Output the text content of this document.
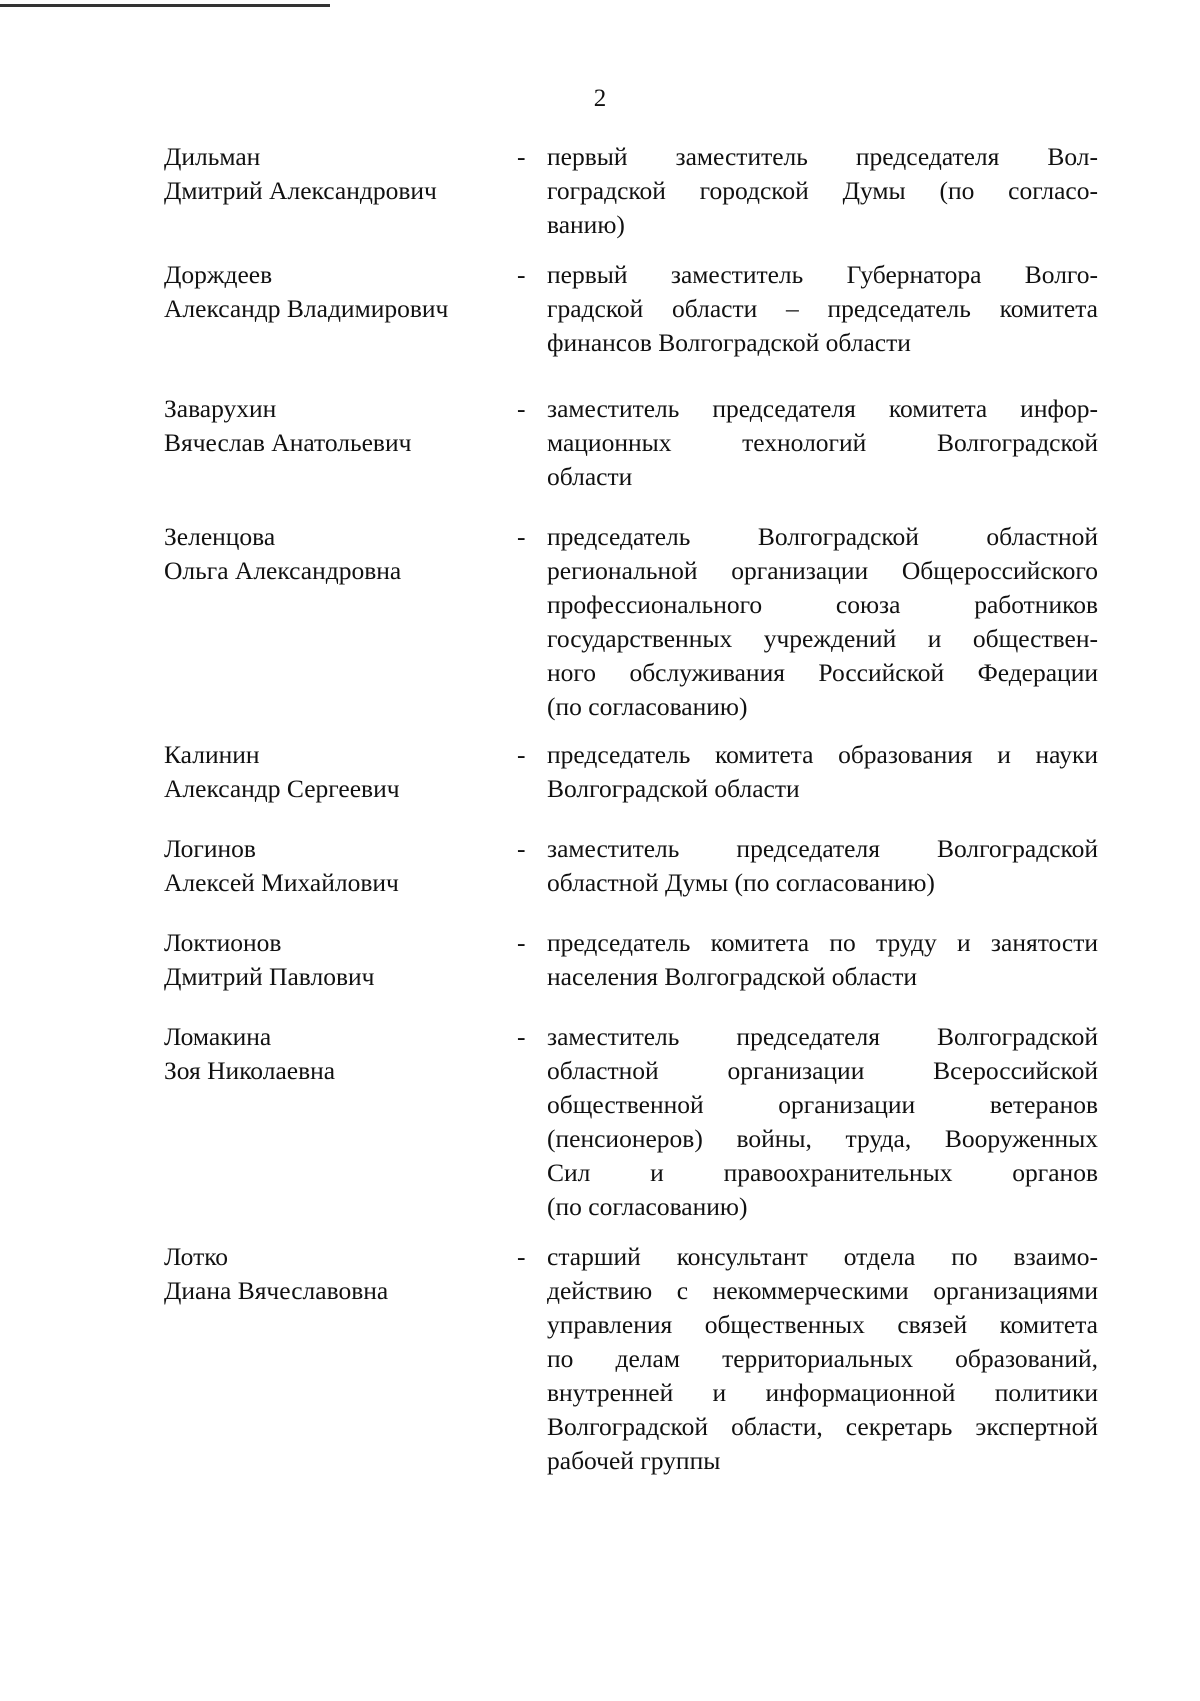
2
Дильман
Дмитрий Александрович
- первый заместитель председателя Вол-
гоградской городской Думы (по согласо-
ванию)
Дорждеев
Александр Владимирович
- первый заместитель Губернатора Волго-
градской области – председатель комитета
финансов Волгоградской области
Заварухин
Вячеслав Анатольевич
- заместитель председателя комитета инфор-
мационных технологий Волгоградской
области
Зеленцова
Ольга Александровна
- председатель Волгоградской областной
региональной организации Общероссийского
профессионального союза работников
государственных учреждений и обществен-
ного обслуживания Российской Федерации
(по согласованию)
Калинин
Александр Сергеевич
- председатель комитета образования и науки
Волгоградской области
Логинов
Алексей Михайлович
- заместитель председателя Волгоградской
областной Думы (по согласованию)
Локтионов
Дмитрий Павлович
- председатель комитета по труду и занятости
населения Волгоградской области
Ломакина
Зоя Николаевна
- заместитель председателя Волгоградской
областной организации Всероссийской
общественной организации ветеранов
(пенсионеров) войны, труда, Вооруженных
Сил и правоохранительных органов
(по согласованию)
Лотко
Диана Вячеславовна
- старший консультант отдела по взаимо-
действию с некоммерческими организациями
управления общественных связей комитета
по делам территориальных образований,
внутренней и информационной политики
Волгоградской области, секретарь экспертной
рабочей группы
